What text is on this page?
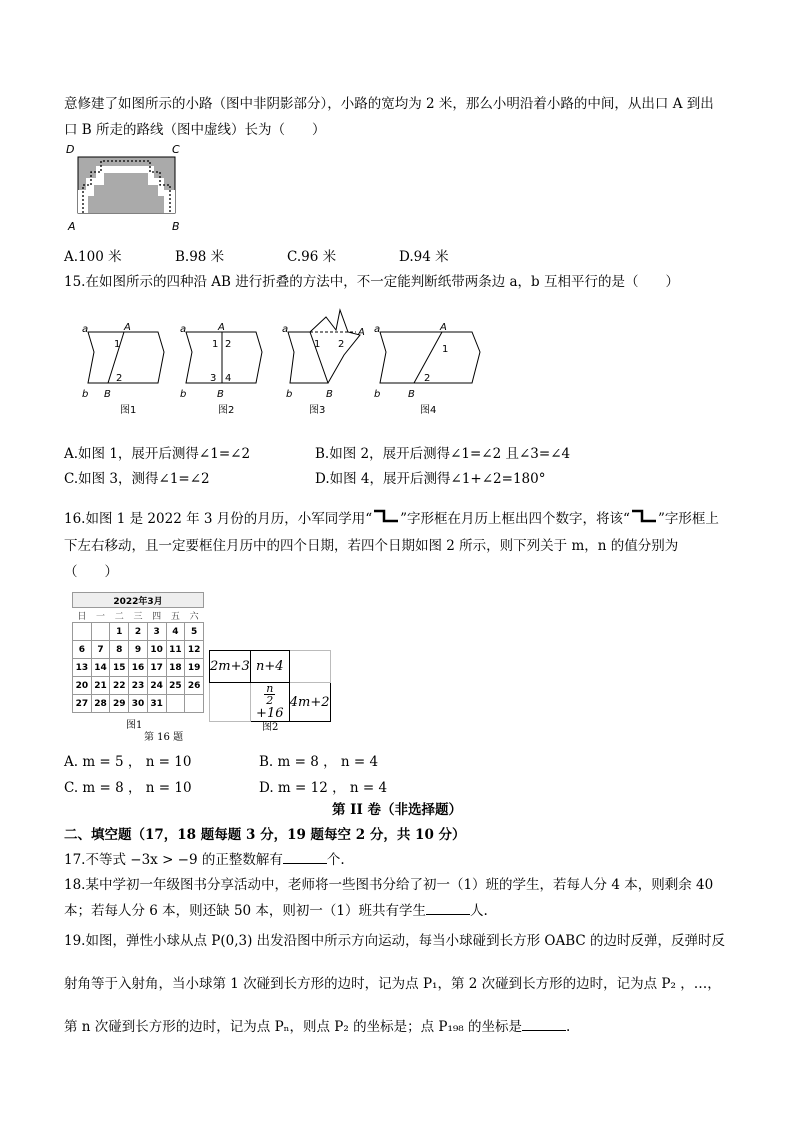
意修建了如图所示的小路（图中非阴影部分），小路的宽均为 2 米，那么小明沿着小路的中间，从出口 A 到出
口 B 所走的路线（图中虚线）长为（　　）
D	C
A	B
A.100 米	B.98 米	C.96 米	D.94 米
15.在如图所示的四种沿 AB 进行折叠的方法中，不一定能判断纸带两条边 a，b 互相平行的是（　　）
a	A
1
2
b B
图1
a	A
1 2
3 4
b	B
图2
a	A
1 2
b	B
图3
a	A
1
2
b	B
图4
A.如图 1，展开后测得∠1=∠2	B.如图 2，展开后测得∠1=∠2 且∠3=∠4
C.如图 3，测得∠1=∠2	D.如图 4，展开后测得∠1+∠2=180°
16.如图 1 是 2022 年 3 月份的月历，小军同学用“ ”字形框在月历上框出四个数字，将该“ ”字形框上
下左右移动，且一定要框住月历中的四个日期，若四个日期如图 2 所示，则下列关于 m，n 的值分别为
（　　）
2022年3月						
日	一	二	三	四	五	六
		1	2	3	4	5
6	7	8	9	10	11	12
13	14	15	16	17	18	19
20	21	22	23	24	25	26
27	28	29	30	31		
图1
第 16 题
2m+3	n+4	
	$\frac{n}{2}+16$	4m+2
图2
A. m = 5 ， n = 10	B. m = 8 ， n = 4
C. m = 8 ， n = 10	D. m = 12 ， n = 4
第 II 卷（非选择题）
二、填空题（17，18 题每题 3 分，19 题每空 2 分，共 10 分）
17.不等式 −3x > −9 的正整数解有	个.
18.某中学初一年级图书分享活动中，老师将一些图书分给了初一（1）班的学生，若每人分 4 本，则剩余 40
本；若每人分 6 本，则还缺 50 本，则初一（1）班共有学生	人.
19.如图，弹性小球从点 P(0,3) 出发沿图中所示方向运动，每当小球碰到长方形 OABC 的边时反弹，反弹时反
射角等于入射角，当小球第 1 次碰到长方形的边时，记为点 P₁，第 2 次碰到长方形的边时，记为点 P₂ ，…，
第 n 次碰到长方形的边时，记为点 Pₙ，则点 P₂ 的坐标是；点 P₁₉₈ 的坐标是	.
